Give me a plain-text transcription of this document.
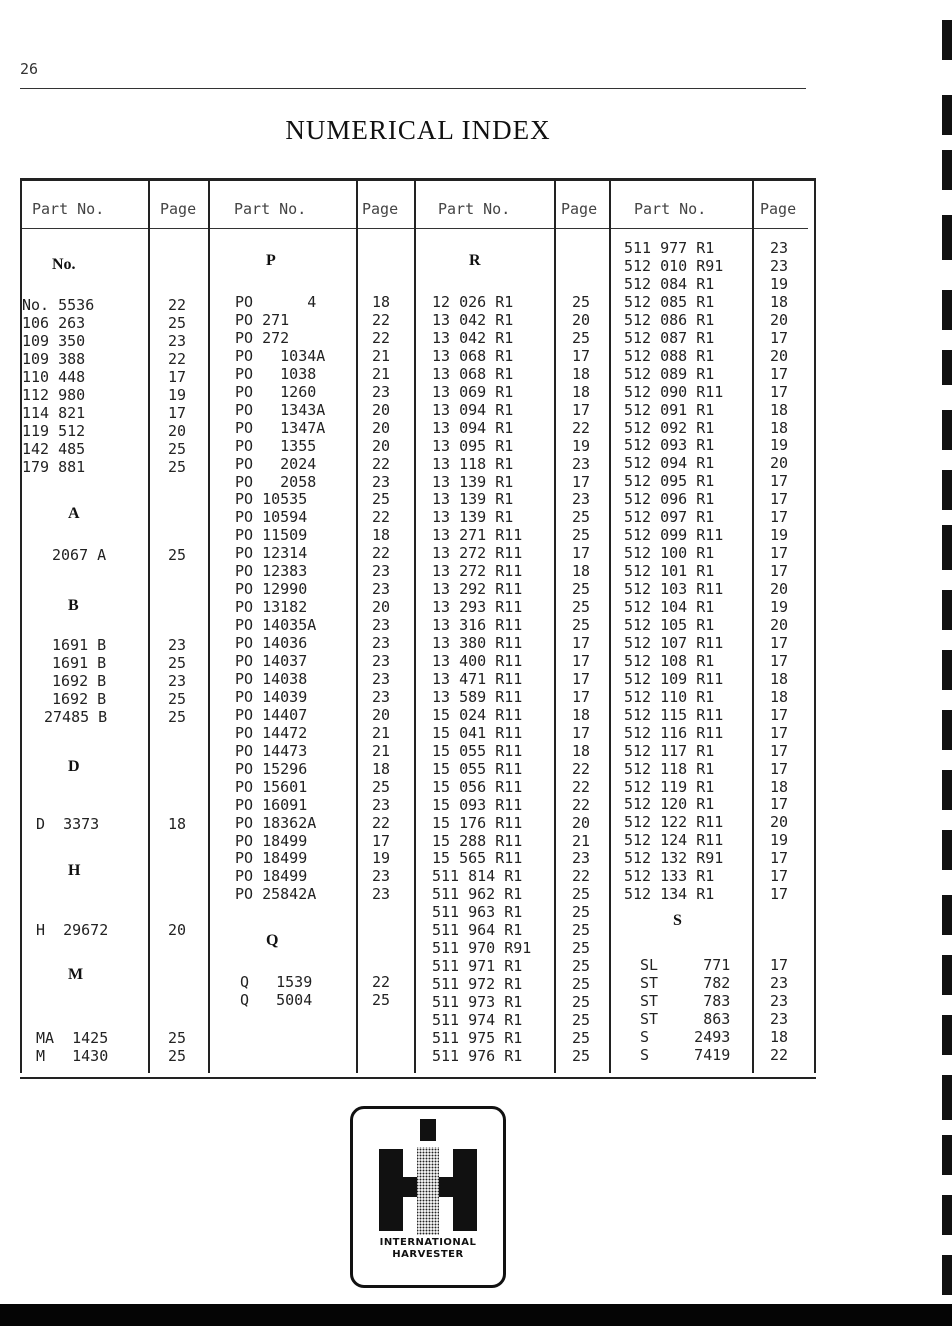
26
NUMERICAL INDEX
Part No.	Page	Part No.	Page	Part No.	Page Part No.	Page
No.
No. 5536	22
106 263	25
109 350	23
109 388	22
110 448	17
112 980	19
114 821	17
119 512	20
142 485	25
179 881	25
A
2067 A	25
B
1691 B	23
1691 B	25
1692 B	23
1692 B	25
27485 B	25
D
D  3373	18
H
H  29672	20
M
MA  1425	25
M   1430	25
P
PO      4	18
PO 271	22
PO 272	22
PO   1034A	21
PO   1038	21
PO   1260	23
PO   1343A	20
PO   1347A	20
PO   1355	20
PO   2024	22
PO   2058	23
PO 10535	25
PO 10594	22
PO 11509	18
PO 12314	22
PO 12383	23
PO 12990	23
PO 13182	20
PO 14035A	23
PO 14036	23
PO 14037	23
PO 14038	23
PO 14039	23
PO 14407	20
PO 14472	21
PO 14473	21
PO 15296	18
PO 15601	25
PO 16091	23
PO 18362A	22
PO 18499	17
PO 18499	19
PO 18499	23
PO 25842A	23
Q
Q   1539	22
Q   5004	25
R
12 026 R1	25
13 042 R1	20
13 042 R1	25
13 068 R1	17
13 068 R1	18
13 069 R1	18
13 094 R1	17
13 094 R1	22
13 095 R1	19
13 118 R1	23
13 139 R1	17
13 139 R1	23
13 139 R1	25
13 271 R11	25
13 272 R11	17
13 272 R11	18
13 292 R11	25
13 293 R11	25
13 316 R11	25
13 380 R11	17
13 400 R11	17
13 471 R11	17
13 589 R11	17
15 024 R11	18
15 041 R11	17
15 055 R11	18
15 055 R11	22
15 056 R11	22
15 093 R11	22
15 176 R11	20
15 288 R11	21
15 565 R11	23
511 814 R1	22
511 962 R1	25
511 963 R1	25
511 964 R1	25
511 970 R91	25
511 971 R1	25
511 972 R1	25
511 973 R1	25
511 974 R1	25
511 975 R1	25
511 976 R1	25
511 977 R1	23
512 010 R91	23
512 084 R1	19
512 085 R1	18
512 086 R1	20
512 087 R1	17
512 088 R1	20
512 089 R1	17
512 090 R11	17
512 091 R1	18
512 092 R1	18
512 093 R1	19
512 094 R1	20
512 095 R1	17
512 096 R1	17
512 097 R1	17
512 099 R11	19
512 100 R1	17
512 101 R1	17
512 103 R11	20
512 104 R1	19
512 105 R1	20
512 107 R11	17
512 108 R1	17
512 109 R11	18
512 110 R1	18
512 115 R11	17
512 116 R11	17
512 117 R1	17
512 118 R1	17
512 119 R1	18
512 120 R1	17
512 122 R11	20
512 124 R11	19
512 132 R91	17
512 133 R1	17
512 134 R1	17
S
SL     771	17
ST     782	23
ST     783	23
ST     863	23
S     2493	18
S     7419	22
INTERNATIONAL
HARVESTER
